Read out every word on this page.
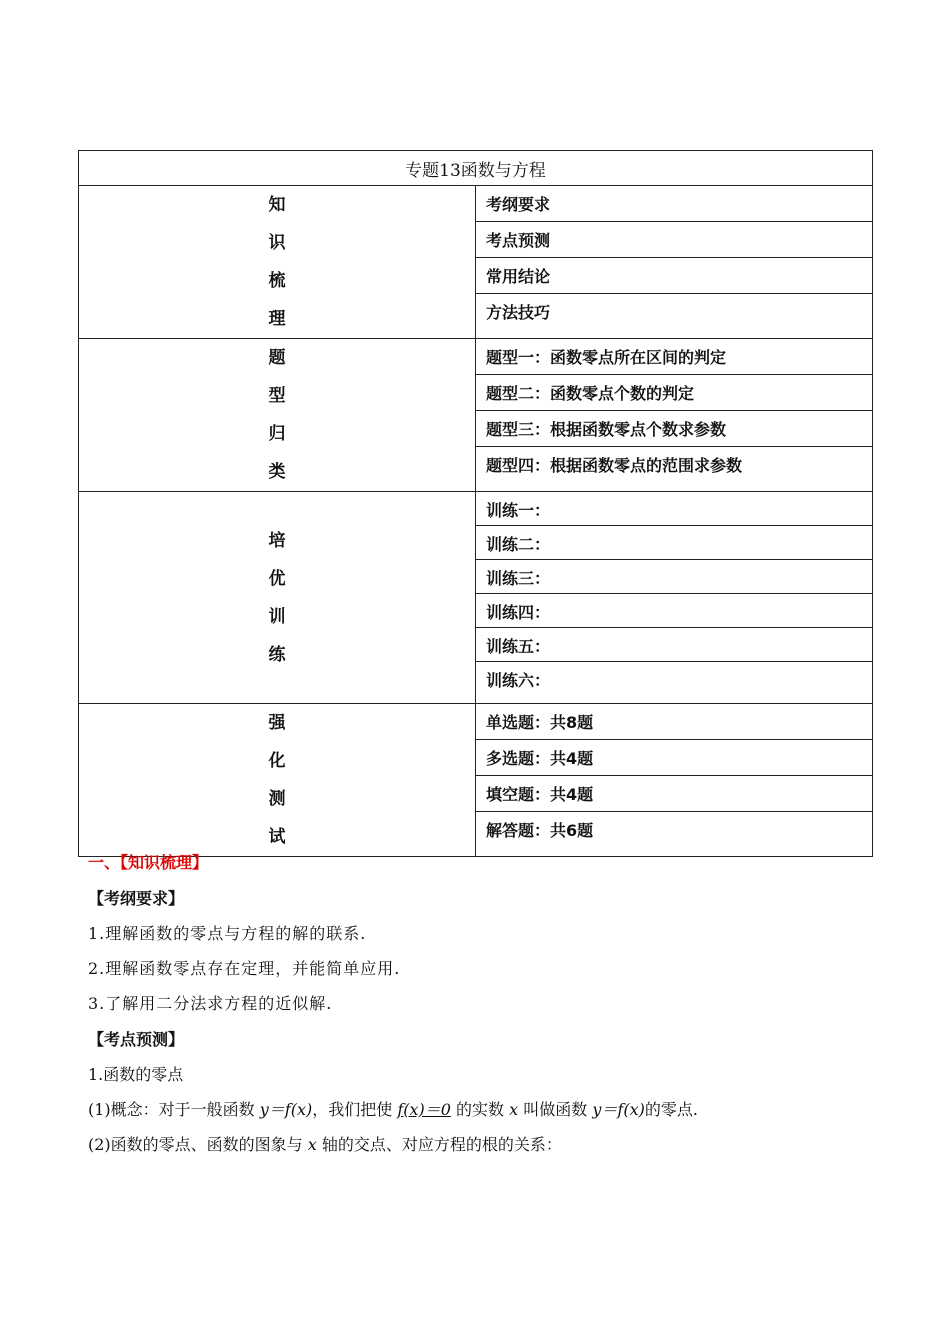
专题13函数与方程	

知
识
梳
理	考纲要求
	考点预测
	常用结论
	方法技巧

题
型
归
类	题型一：函数零点所在区间的判定
	题型二：函数零点个数的判定
	题型三：根据函数零点个数求参数
	题型四：根据函数零点的范围求参数

培
优
训
练	训练一：
	训练二：
	训练三：
	训练四：
	训练五：
	训练六：

强
化
测
试	单选题：共8题
	多选题：共4题
	填空题：共4题
	解答题：共6题
一、【知识梳理】
【考纲要求】
1.理解函数的零点与方程的解的联系.
2.理解函数零点存在定理，并能简单应用.
3.了解用二分法求方程的近似解.
【考点预测】
1.函数的零点
(1)概念：对于一般函数 y＝f(x)，我们把使 f(x)＝0 的实数 x 叫做函数 y＝f(x)的零点.
(2)函数的零点、函数的图象与 x 轴的交点、对应方程的根的关系：
